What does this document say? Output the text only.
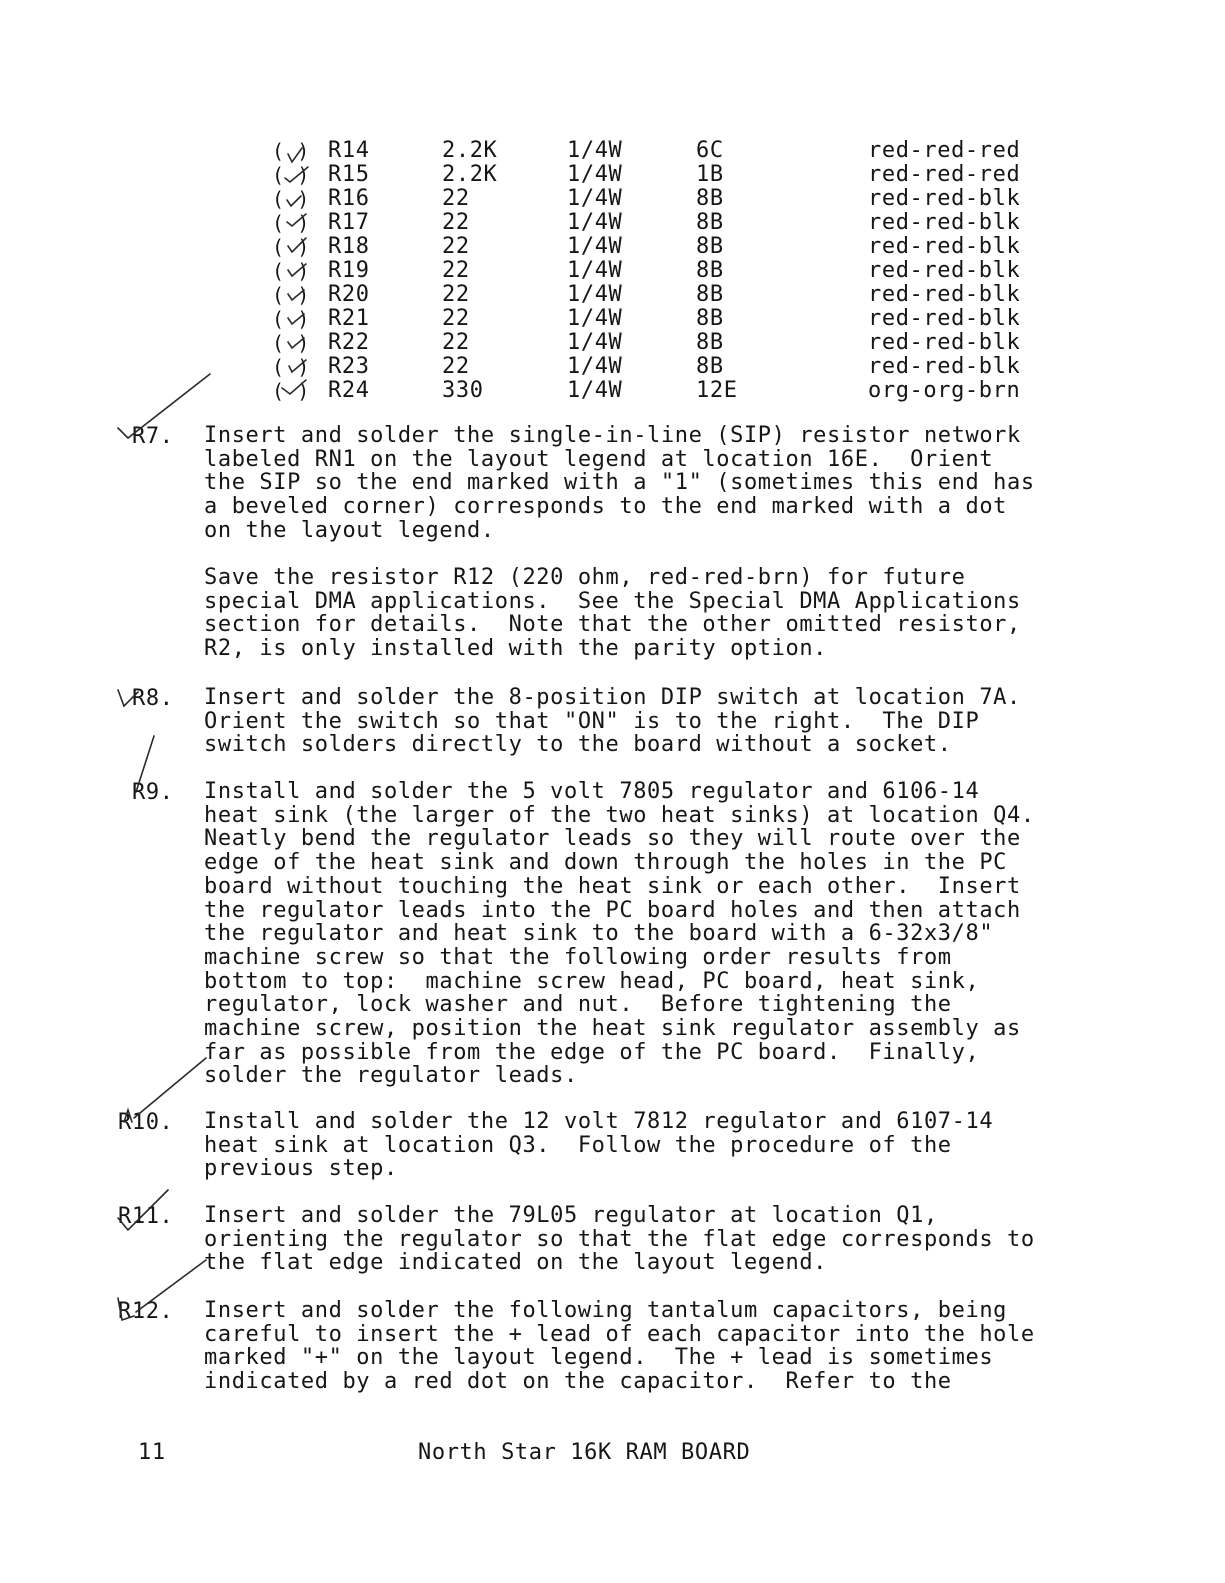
( )	R14	2.2K	1/4W	6C	red-red-red
( )	R15	2.2K	1/4W	1B	red-red-red
( )	R16	22	1/4W	8B	red-red-blk
( )	R17	22	1/4W	8B	red-red-blk
( )	R18	22	1/4W	8B	red-red-blk
( )	R19	22	1/4W	8B	red-red-blk
( )	R20	22	1/4W	8B	red-red-blk
( )	R21	22	1/4W	8B	red-red-blk
( )	R22	22	1/4W	8B	red-red-blk
( )	R23	22	1/4W	8B	red-red-blk
( )	R24	330	1/4W	12E	org-org-brn
R7. Insert and solder the single-in-line (SIP) resistor network
labeled RN1 on the layout legend at location 16E.  Orient
the SIP so the end marked with a "1" (sometimes this end has
a beveled corner) corresponds to the end marked with a dot
on the layout legend.
Save the resistor R12 (220 ohm, red-red-brn) for future
special DMA applications.  See the Special DMA Applications
section for details.  Note that the other omitted resistor,
R2, is only installed with the parity option.
R8. Insert and solder the 8-position DIP switch at location 7A.
Orient the switch so that "ON" is to the right.  The DIP
switch solders directly to the board without a socket.
R9. Install and solder the 5 volt 7805 regulator and 6106-14
heat sink (the larger of the two heat sinks) at location Q4.
Neatly bend the regulator leads so they will route over the
edge of the heat sink and down through the holes in the PC
board without touching the heat sink or each other.  Insert
the regulator leads into the PC board holes and then attach
the regulator and heat sink to the board with a 6-32x3/8"
machine screw so that the following order results from
bottom to top:  machine screw head, PC board, heat sink,
regulator, lock washer and nut.  Before tightening the
machine screw, position the heat sink regulator assembly as
far as possible from the edge of the PC board.  Finally,
solder the regulator leads.
R10. Install and solder the 12 volt 7812 regulator and 6107-14
heat sink at location Q3.  Follow the procedure of the
previous step.
R11. Insert and solder the 79L05 regulator at location Q1,
orienting the regulator so that the flat edge corresponds to
the flat edge indicated on the layout legend.
R12. Insert and solder the following tantalum capacitors, being
careful to insert the + lead of each capacitor into the hole
marked "+" on the layout legend.  The + lead is sometimes
indicated by a red dot on the capacitor.  Refer to the
11	North Star 16K RAM BOARD
